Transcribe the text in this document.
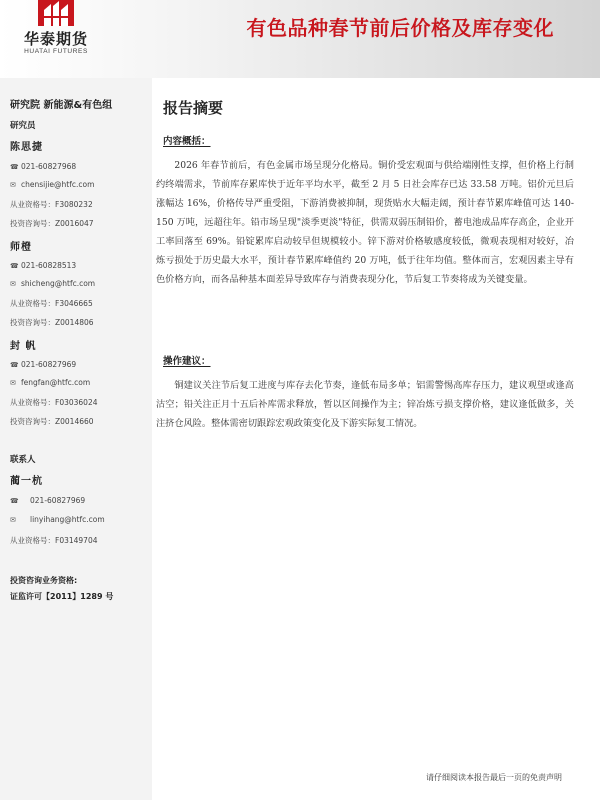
华泰期货
HUATAI FUTURES
有色品种春节前后价格及库存变化
研究院 新能源&有色组
研究员
陈思捷
☎ 021-60827968
✉ chensijie@htfc.com
从业资格号：F3080232
投资咨询号：Z0016047
师橙
☎ 021-60828513
✉ shicheng@htfc.com
从业资格号：F3046665
投资咨询号：Z0014806
封 帆
☎ 021-60827969
✉ fengfan@htfc.com
从业资格号：F03036024
投资咨询号：Z0014660
联系人
蔺一杭
☎	021-60827969
✉	linyihang@htfc.com
从业资格号：F03149704
投资咨询业务资格:
证监许可【2011】1289 号
报告摘要
内容概括：
2026 年春节前后，有色金属市场呈现分化格局。铜价受宏观面与供给端刚性支撑，但价格上行制约终端需求，节前库存累库快于近年平均水平，截至 2 月 5 日社会库存已达 33.58 万吨。铝价元旦后涨幅达 16%，价格传导严重受阻，下游消费被抑制，现货贴水大幅走阔，预计春节累库峰值可达 140-150 万吨，远超往年。铅市场呈现"淡季更淡"特征，供需双弱压制铅价，蓄电池成品库存高企，企业开工率回落至 69%。铅锭累库启动较早但规模较小。锌下游对价格敏感度较低，微观表现相对较好，冶炼亏损处于历史最大水平，预计春节累库峰值约 20 万吨，低于往年均值。整体而言，宏观因素主导有色价格方向，而各品种基本面差异导致库存与消费表现分化，节后复工节奏将成为关键变量。
操作建议：
铜建议关注节后复工进度与库存去化节奏，逢低布局多单；铝需警惕高库存压力，建议观望或逢高沽空；铅关注正月十五后补库需求释放，暂以区间操作为主；锌冶炼亏损支撑价格，建议逢低做多，关注挤仓风险。整体需密切跟踪宏观政策变化及下游实际复工情况。
请仔细阅读本报告最后一页的免责声明
